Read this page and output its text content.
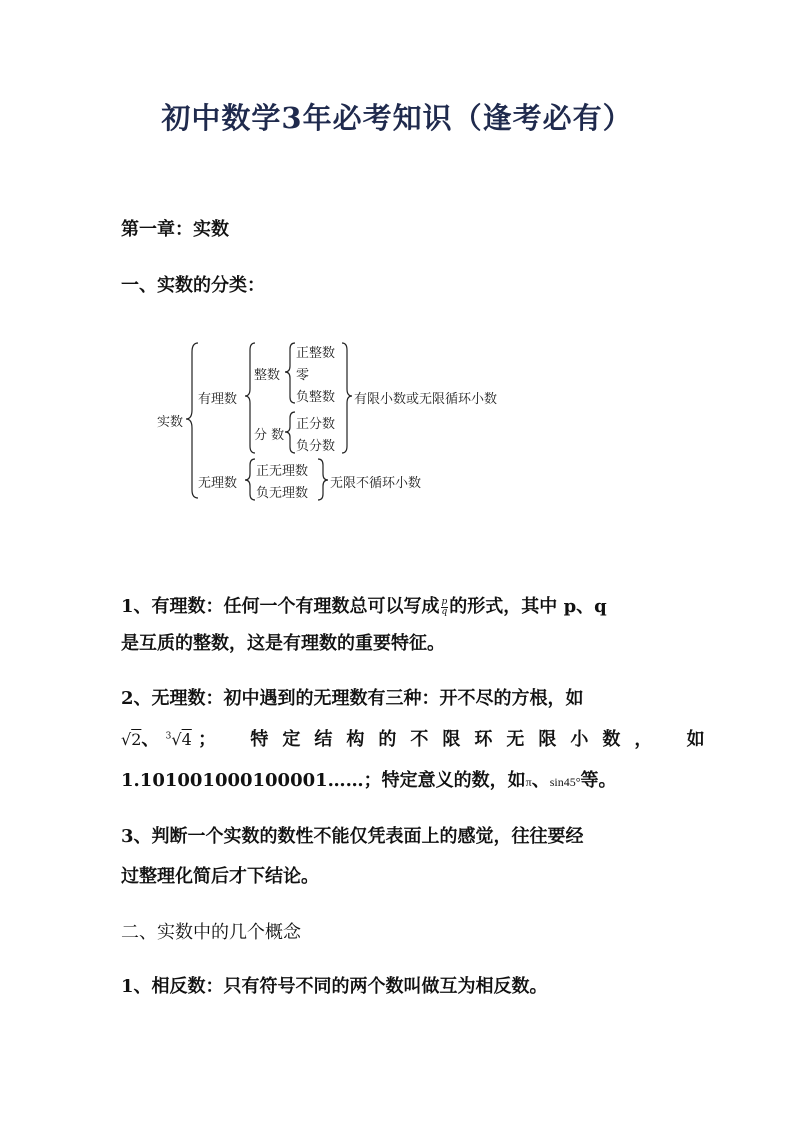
初中数学3年必考知识（逢考必有）
第一章：实数
一、实数的分类：
实数
有理数
整数
正整数
零
负整数 有限小数或无限循环小数
分 数
正分数
负分数
无理数
正无理数
负无理数
无限不循环小数
1、有理数：任何一个有理数总可以写成 $\frac{p}{q}$ 的形式，其中 p、q
是互质的整数，这是有理数的重要特征。
2、无理数：初中遇到的无理数有三种：开不尽的方根，如
√2、 $^3$√4 ； 特定结构的不限环无限小数， 如
1.101001000100001……；特定意义的数，如π、sin45°等。
3、判断一个实数的数性不能仅凭表面上的感觉，往往要经
过整理化简后才下结论。
二、实数中的几个概念
1、相反数：只有符号不同的两个数叫做互为相反数。
